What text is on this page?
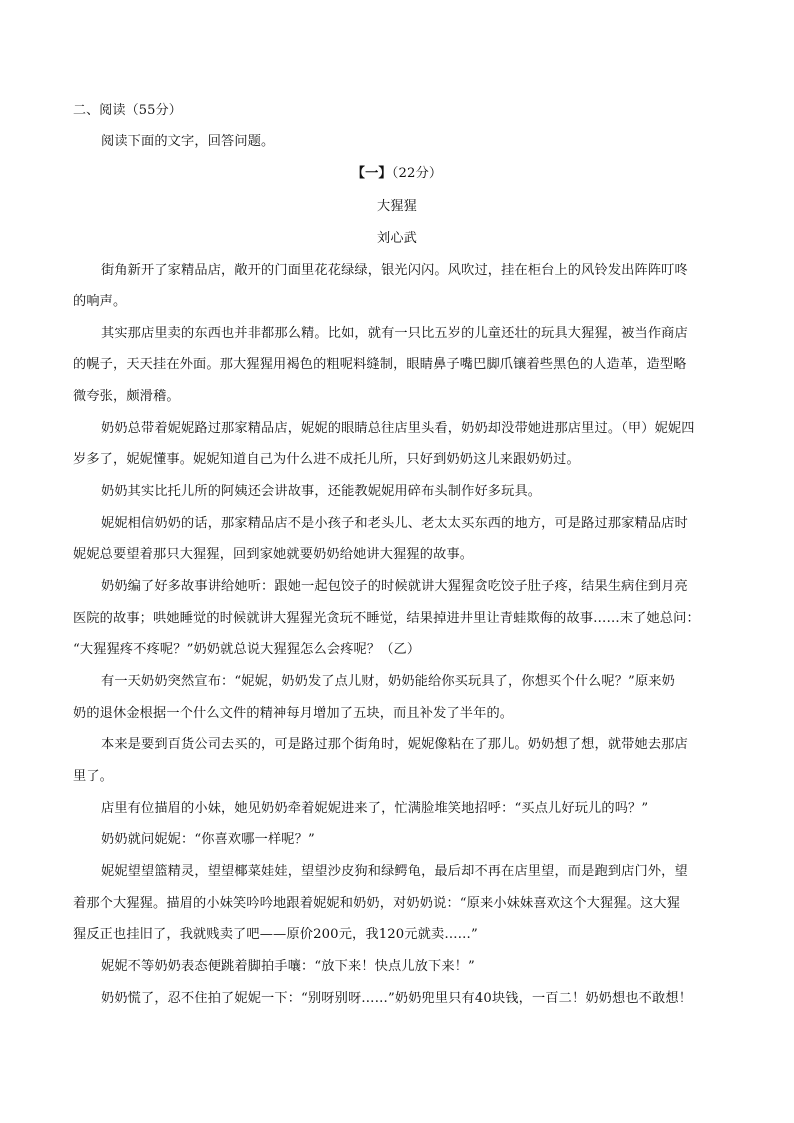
二、阅读（55分）
阅读下面的文字，回答问题。
【一】（22分）
大猩猩
刘心武
街角新开了家精品店，敞开的门面里花花绿绿，银光闪闪。风吹过，挂在柜台上的风铃发出阵阵叮咚
的响声。
其实那店里卖的东西也并非都那么精。比如，就有一只比五岁的儿童还壮的玩具大猩猩，被当作商店
的幌子，天天挂在外面。那大猩猩用褐色的粗呢料缝制，眼睛鼻子嘴巴脚爪镶着些黑色的人造革，造型略
微夸张，颇滑稽。
奶奶总带着妮妮路过那家精品店，妮妮的眼睛总往店里头看，奶奶却没带她进那店里过。（甲）妮妮四
岁多了，妮妮懂事。妮妮知道自己为什么进不成托儿所，只好到奶奶这儿来跟奶奶过。
奶奶其实比托儿所的阿姨还会讲故事，还能教妮妮用碎布头制作好多玩具。
妮妮相信奶奶的话，那家精品店不是小孩子和老头儿、老太太买东西的地方，可是路过那家精品店时
妮妮总要望着那只大猩猩，回到家她就要奶奶给她讲大猩猩的故事。
奶奶编了好多故事讲给她听：跟她一起包饺子的时候就讲大猩猩贪吃饺子肚子疼，结果生病住到月亮
医院的故事；哄她睡觉的时候就讲大猩猩光贪玩不睡觉，结果掉进井里让青蛙欺侮的故事……末了她总问：
“大猩猩疼不疼呢？”奶奶就总说大猩猩怎么会疼呢？（乙）
有一天奶奶突然宣布：“妮妮，奶奶发了点儿财，奶奶能给你买玩具了，你想买个什么呢？”原来奶
奶的退休金根据一个什么文件的精神每月增加了五块，而且补发了半年的。
本来是要到百货公司去买的，可是路过那个街角时，妮妮像粘在了那儿。奶奶想了想，就带她去那店
里了。
店里有位描眉的小妹，她见奶奶牵着妮妮进来了，忙满脸堆笑地招呼：“买点儿好玩儿的吗？”
奶奶就问妮妮：“你喜欢哪一样呢？”
妮妮望望篮精灵，望望椰菜娃娃，望望沙皮狗和绿鳄龟，最后却不再在店里望，而是跑到店门外，望
着那个大猩猩。描眉的小妹笑吟吟地跟着妮妮和奶奶，对奶奶说：“原来小妹妹喜欢这个大猩猩。这大猩
猩反正也挂旧了，我就贱卖了吧——原价200元，我120元就卖……”
妮妮不等奶奶表态便跳着脚拍手嚷：“放下来！快点儿放下来！”
奶奶慌了，忍不住拍了妮妮一下：“别呀别呀……”奶奶兜里只有40块钱，一百二！奶奶想也不敢想！
